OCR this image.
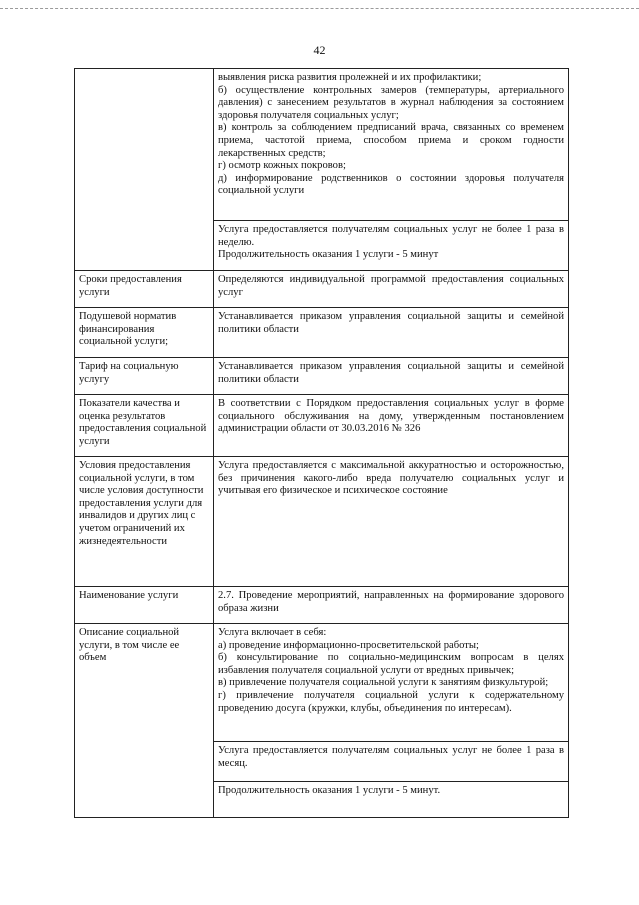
42

	выявления риска развития пролежней и их профилактики;

б) осуществление контрольных замеров (температуры, артериального давления) с занесением результатов в журнал наблюдения за состоянием здоровья получателя социальных услуг;

в) контроль за соблюдением предписаний врача, связанных со временем приема, частотой приема, способом приема и сроком годности лекарственных средств;

г) осмотр кожных покровов;

д) информирование родственников о состоянии здоровья получателя социальной услуги

	Услуга предоставляется получателям социальных услуг не более 1 раза в неделю.

Продолжительность оказания 1 услуги - 5 минут

Сроки предоставления услуги	Определяются индивидуальной программой предоставления социальных услуг

Подушевой норматив финансирования социальной услуги;	Устанавливается приказом управления социальной защиты и семейной политики области

Тариф на социальную услугу	Устанавливается приказом управления социальной защиты и семейной политики области

Показатели качества и оценка результатов предоставления социальной услуги	В соответствии с Порядком предоставления социальных услуг в форме социального обслуживания на дому, утвержденным постановлением администрации области от 30.03.2016 № 326

Условия предоставления социальной услуги, в том числе условия доступности предоставления услуги для инвалидов и других лиц с учетом ограничений их жизнедеятельности	Услуга предоставляется с максимальной аккуратностью и осторожностью, без причинения какого-либо вреда получателю социальных услуг и учитывая его физическое и психическое состояние

Наименование услуги	2.7. Проведение мероприятий, направленных на формирование здорового образа жизни

Описание социальной услуги, в том числе ее объем	Услуга включает в себя:

а) проведение информационно-просветительской работы;

б) консультирование по социально-медицинским вопросам в целях избавления получателя социальной услуги от вредных привычек;

в) привлечение получателя социальной услуги к занятиям физкультурой;

г) привлечение получателя социальной услуги к содержательному проведению досуга (кружки, клубы, объединения по интересам).

	Услуга предоставляется получателям социальных услуг не более 1 раза в месяц.

	Продолжительность оказания 1 услуги - 5 минут.
